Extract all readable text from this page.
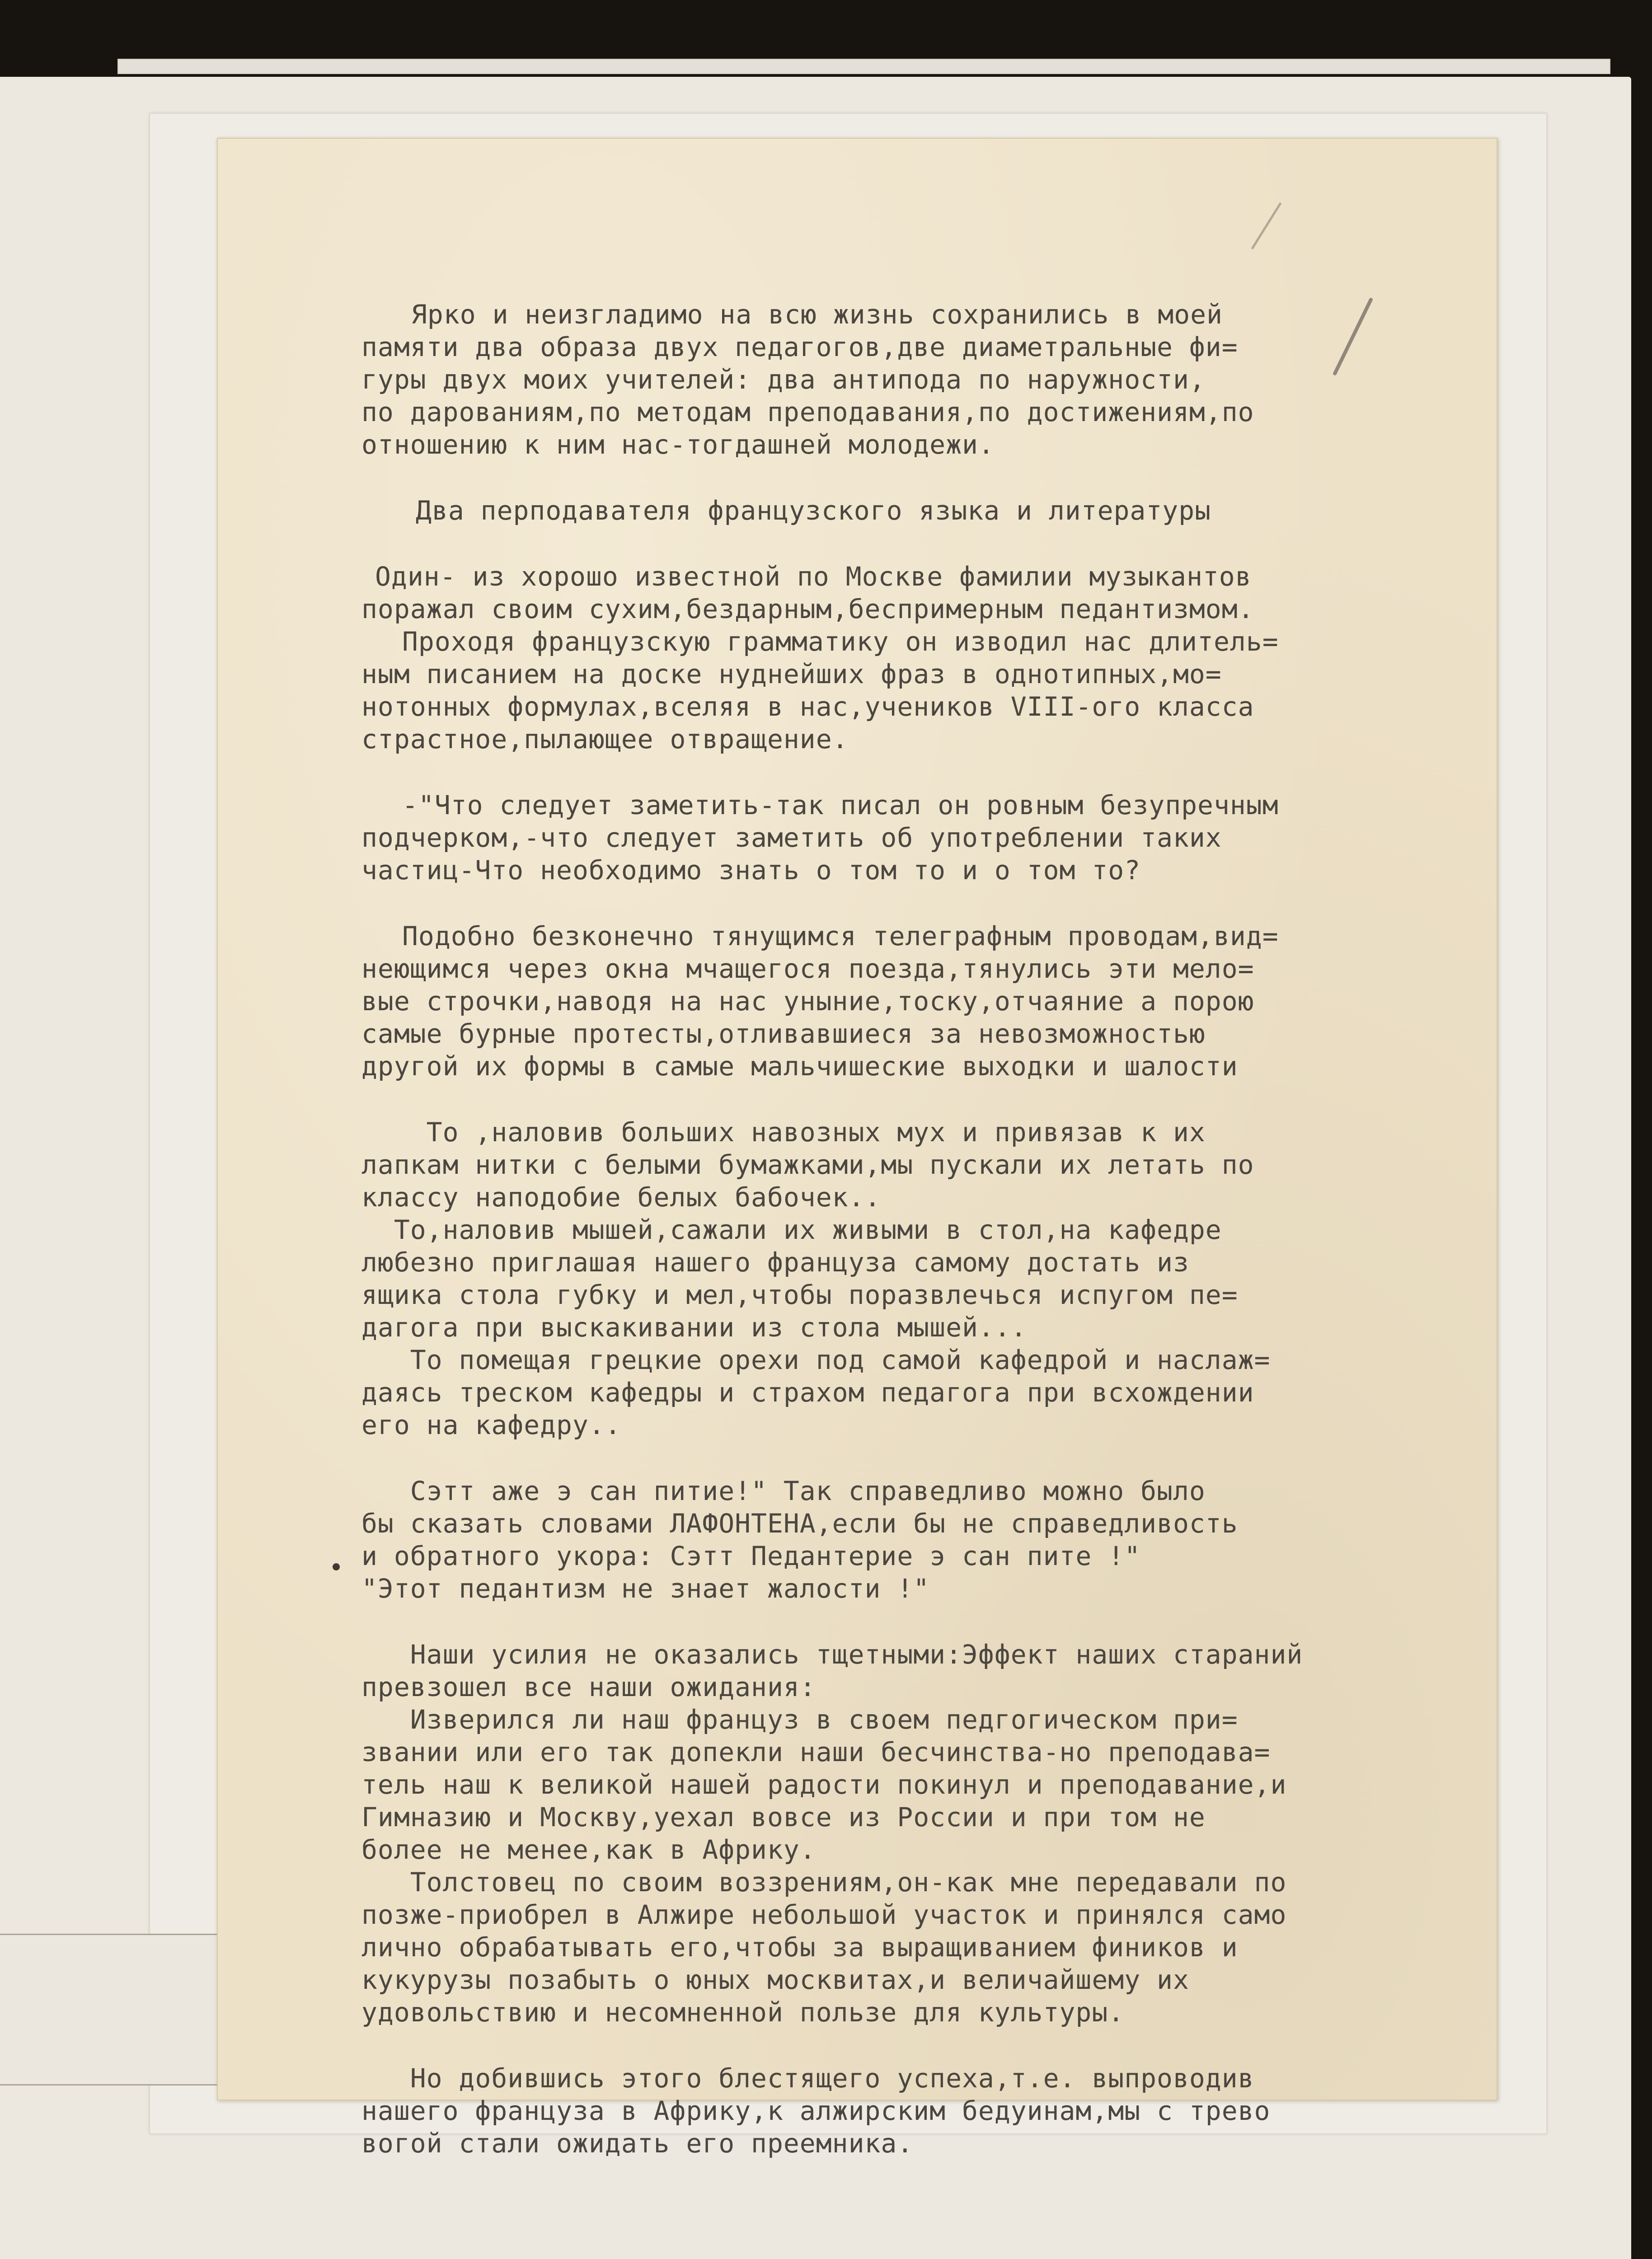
Ярко и неизгладимо на всю жизнь сохранились в моей
памяти два образа двух педагогов,две диаметральные фи=
гуры двух моих учителей: два антипода по наружности,
по дарованиям,по методам преподавания,по достижениям,по
отношению к ним нас-тогдашней молодежи.
Два перподавателя французского языка и литературы
Один- из хорошо известной по Москве фамилии музыкантов
поражал своим сухим,бездарным,беспримерным педантизмом.
Проходя французскую грамматику он изводил нас длитель=
ным писанием на доске нуднейших фраз в однотипных,мо=
нотонных формулах,вселяя в нас,учеников VIII-ого класса
страстное,пылающее отвращение.
-"Что следует заметить-так писал он ровным безупречным
подчерком,-что следует заметить об употреблении таких
частиц-Что необходимо знать о том то и о том то?
Подобно безконечно тянущимся телеграфным проводам,вид=
неющимся через окна мчащегося поезда,тянулись эти мело=
вые строчки,наводя на нас уныние,тоску,отчаяние а порою
самые бурные протесты,отливавшиеся за невозможностью
другой их формы в самые мальчишеские выходки и шалости
То ,наловив больших навозных мух и привязав к их
лапкам нитки с белыми бумажками,мы пускали их летать по
классу наподобие белых бабочек..
То,наловив мышей,сажали их живыми в стол,на кафедре
любезно приглашая нашего француза самому достать из
ящика стола губку и мел,чтобы поразвлечься испугом пе=
дагога при выскакивании из стола мышей...
То помещая грецкие орехи под самой кафедрой и наслаж=
даясь треском кафедры и страхом педагога при всхождении
его на кафедру..
Сэтт аже э сан питие!" Так справедливо можно было
бы сказать словами ЛАФОНТЕНА,если бы не справедливость
и обратного укора: Сэтт Педантерие э сан пите !"
"Этот педантизм не знает жалости !"
Наши усилия не оказались тщетными:Эффект наших стараний
превзошел все наши ожидания:
Изверился ли наш француз в своем педгогическом при=
звании или его так допекли наши бесчинства-но преподава=
тель наш к великой нашей радости покинул и преподавание,и
Гимназию и Москву,уехал вовсе из России и при том не
более не менее,как в Африку.
Толстовец по своим воззрениям,он-как мне передавали по
позже-приобрел в Алжире небольшой участок и принялся само
лично обрабатывать его,чтобы за выращиванием фиников и
кукурузы позабыть о юных москвитах,и величайшему их
удовольствию и несомненной пользе для культуры.
Но добившись этого блестящего успеха,т.е. выпроводив
нашего француза в Африку,к алжирским бедуинам,мы с трево
вогой стали ожидать его преемника.
